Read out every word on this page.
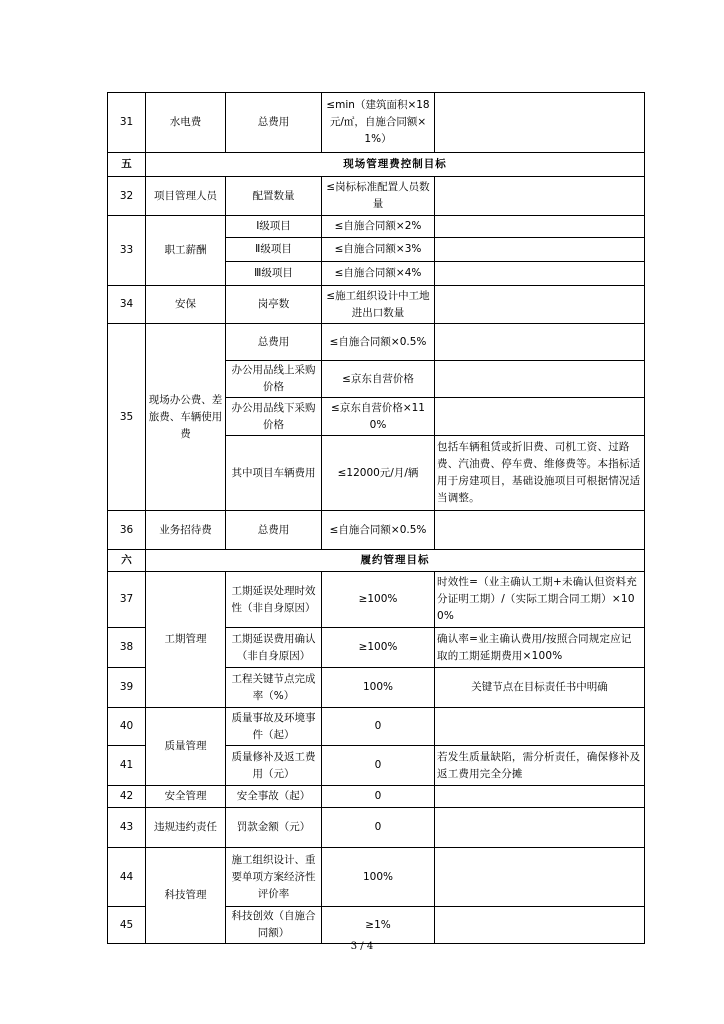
31	水电费	总费用	≤min（建筑面积×18元/㎡，自施合同额×1%）	
五	现场管理费控制目标			
32	项目管理人员	配置数量	≤岗标标准配置人员数量	
33	职工薪酬	Ⅰ级项目	≤自施合同额×2%	
		Ⅱ级项目	≤自施合同额×3%	
		Ⅲ级项目	≤自施合同额×4%	
34	安保	岗亭数	≤施工组织设计中工地进出口数量	
35	现场办公费、差旅费、车辆使用费	总费用	≤自施合同额×0.5%	
		办公用品线上采购价格	≤京东自营价格	
		办公用品线下采购价格	≤京东自营价格×110%	
		其中项目车辆费用	≤12000元/月/辆	包括车辆租赁或折旧费、司机工资、过路费、汽油费、停车费、维修费等。本指标适用于房建项目，基础设施项目可根据情况适当调整。
36	业务招待费	总费用	≤自施合同额×0.5%	
六	履约管理目标			
37	工期管理	工期延误处理时效性（非自身原因）	≥100%	时效性=（业主确认工期+未确认但资料充分证明工期）/（实际工期合同工期）×100%
38		工期延误费用确认（非自身原因）	≥100%	确认率=业主确认费用/按照合同规定应记取的工期延期费用×100%
39		工程关键节点完成率（%）	100%	关键节点在目标责任书中明确
40	质量管理	质量事故及环境事件（起）	0	
41		质量修补及返工费用（元）	0	若发生质量缺陷，需分析责任，确保修补及返工费用完全分摊
42	安全管理	安全事故（起）	0	
43	违规违约责任	罚款金额（元）	0	
44	科技管理	施工组织设计、重要单项方案经济性评价率	100%	
45		科技创效（自施合同额）	≥1%	
3 / 4
